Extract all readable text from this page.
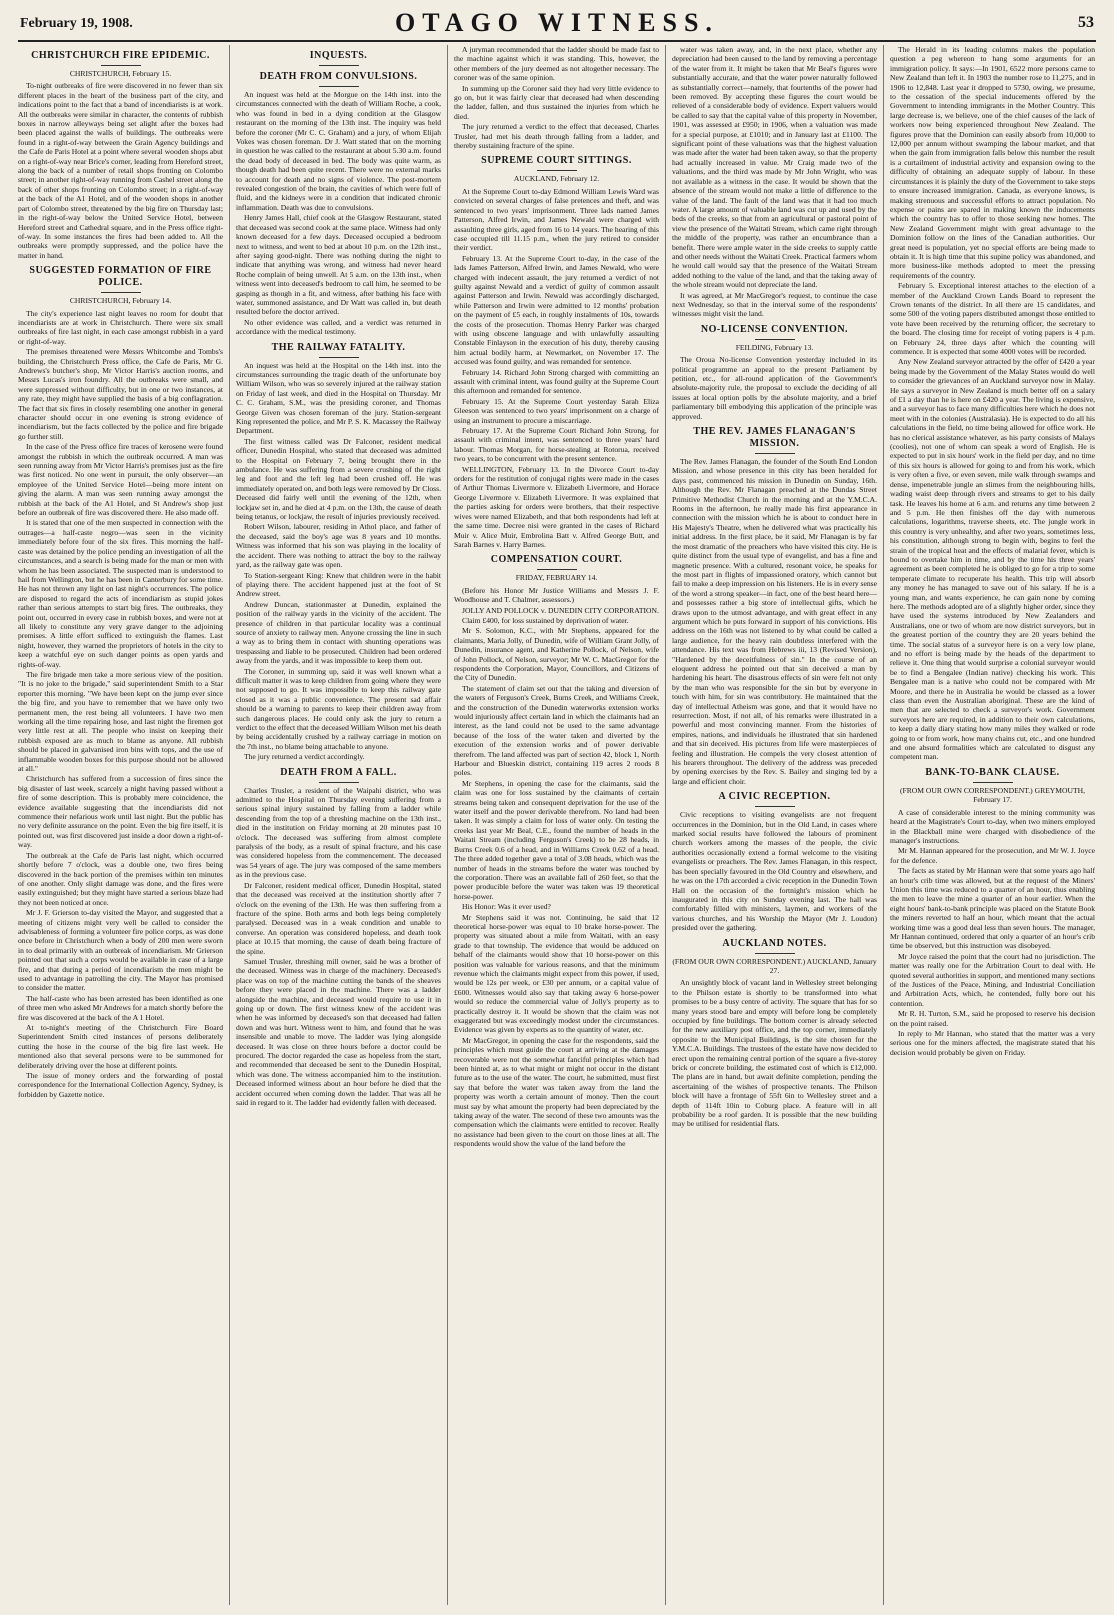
February 19, 1908.	OTAGO WITNESS.	53
CHRISTCHURCH FIRE EPIDEMIC.
CHRISTCHURCH, February 15.

To-night outbreaks of fire were discovered in no fewer than six different places in the heart of the business part of the city, and indications point to the fact that a band of incendiarists is at work. All the outbreaks were similar in character, the contents of rubbish boxes in narrow alleyways being set alight after the boxes had been placed against the walls of buildings. The outbreaks were found in a right-of-way between the Grain Agency buildings and the Cafe de Paris Hotel at a point where several wooden shops abut on a right-of-way near Brice's corner, leading from Hereford street, along the back of a number of retail shops fronting on Colombo street; in another right-of-way running from Cashel street along the back of other shops fronting on Colombo street; in a right-of-way at the back of the A1 Hotel, and of the wooden shops in another part of Colombo street, threatened by the big fire on Thursday last; in the right-of-way below the United Service Hotel, between Hereford street and Cathedral square, and in the Press office right-of-way. In some instances the fires had been added to. All the outbreaks were promptly suppressed, and the police have the matter in hand.

SUGGESTED FORMATION OF FIRE POLICE.
CHRISTCHURCH, February 14.

The city's experience last night leaves no room for doubt that incendiarists are at work in Christchurch. There were six small outbreaks of fire last night, in each case amongst rubbish in a yard or right-of-way.

The premises threatened were Messrs Whitcombe and Tombs's building, the Christchurch Press office, the Cafe de Paris, Mr G. Andrews's butcher's shop, Mr Victor Harris's auction rooms, and Messrs Lucas's iron foundry. All the outbreaks were small, and were suppressed without difficulty, but in one or two instances, at any rate, they might have supplied the basis of a big conflagration. The fact that six fires in closely resembling one another in general character should occur in one evening is strong evidence of incendiarism, but the facts collected by the police and fire brigade go further still.

In the case of the Press office fire traces of kerosene were found amongst the rubbish in which the outbreak occurred. A man was seen running away from Mr Victor Harris's premises just as the fire was first noticed. No one went in pursuit, the only observer—an employee of the United Service Hotel—being more intent on giving the alarm. A man was seen running away amongst the rubbish at the back of the A1 Hotel, and St Andrew's shop just before an outbreak of fire was discovered there. He also made off.

It is stated that one of the men suspected in connection with the outrages—a half-caste negro—was seen in the vicinity immediately before four of the six fires. This morning the half-caste was detained by the police pending an investigation of all the circumstances, and a search is being made for the man or men with whom he has been associated. The suspected man is understood to hail from Wellington, but he has been in Canterbury for some time. He has not thrown any light on last night's occurrences. The police are disposed to regard the acts of incendiarism as stupid jokes rather than serious attempts to start big fires. The outbreaks, they point out, occurred in every case in rubbish boxes, and were not at all likely to constitute any very grave danger to the adjoining premises. A little effort sufficed to extinguish the flames. Last night, however, they warned the proprietors of hotels in the city to keep a watchful eye on such danger points as open yards and rights-of-way.

The fire brigade men take a more serious view of the position. "It is no joke to the brigade," said superintendent Smith to a Star reporter this morning. "We have been kept on the jump ever since the big fire, and you have to remember that we have only two permanent men, the rest being all volunteers. I have two men working all the time repairing hose, and last night the firemen got very little rest at all. The people who insist on keeping their rubbish exposed are as much to blame as anyone. All rubbish should be placed in galvanised iron bins with tops, and the use of inflammable wooden boxes for this purpose should not be allowed at all."

Christchurch has suffered from a succession of fires since the big disaster of last week, scarcely a night having passed without a fire of some description. This is probably mere coincidence, the evidence available suggesting that the incendiarists did not commence their nefarious work until last night. But the public has no very definite assurance on the point. Even the big fire itself, it is pointed out, was first discovered just inside a door down a right-of-way.

The outbreak at the Cafe de Paris last night, which occurred shortly before 7 o'clock, was a double one, two fires being discovered in the back portion of the premises within ten minutes of one another. Only slight damage was done, and the fires were easily extinguished; but they might have started a serious blaze had they not been noticed at once.

Mr J. F. Grierson to-day visited the Mayor, and suggested that a meeting of citizens might very well be called to consider the advisableness of forming a volunteer fire police corps, as was done once before in Christchurch when a body of 200 men were sworn in to deal primarily with an outbreak of incendiarism. Mr Grierson pointed out that such a corps would be available in case of a large fire, and that during a period of incendiarism the men might be used to advantage in patrolling the city. The Mayor has promised to consider the matter.

The half-caste who has been arrested has been identified as one of three men who asked Mr Andrews for a match shortly before the fire was discovered at the back of the A 1 Hotel.

At to-night's meeting of the Christchurch Fire Board Superintendent Smith cited instances of persons deliberately cutting the hose in the course of the big fire last week. He mentioned also that several persons were to be summoned for deliberately driving over the hose at different points.

The issue of money orders and the forwarding of postal correspondence for the International Collection Agency, Sydney, is forbidden by Gazette notice.

INQUESTS.
DEATH FROM CONVULSIONS.

An inquest was held at the Morgue on the 14th inst. into the circumstances connected with the death of William Roche, a cook, who was found in bed in a dying condition at the Glasgow restaurant on the morning of the 13th inst. The inquiry was held before the coroner (Mr C. C. Graham) and a jury, of whom Elijah Vokes was chosen foreman. Dr J. Watt stated that on the morning in question he was called to the restaurant at about 5.30 a.m. found the dead body of deceased in bed. The body was quite warm, as though death had been quite recent. There were no external marks to account for death and no signs of violence. The post-mortem revealed congestion of the brain, the cavities of which were full of fluid, and the kidneys were in a condition that indicated chronic inflammation. Death was due to convulsions.

Henry James Hall, chief cook at the Glasgow Restaurant, stated that deceased was second cook at the same place. Witness had only known deceased for a few days. Deceased occupied a bedroom next to witness, and went to bed at about 10 p.m. on the 12th inst., after saying good-night. There was nothing during the night to indicate that anything was wrong, and witness had never heard Roche complain of being unwell. At 5 a.m. on the 13th inst., when witness went into deceased's bedroom to call him, he seemed to be gasping as though in a fit, and witness, after bathing his face with water, summoned assistance, and Dr Watt was called in, but death resulted before the doctor arrived.

No other evidence was called, and a verdict was returned in accordance with the medical testimony.

THE RAILWAY FATALITY.

An inquest was held at the Hospital on the 14th inst. into the circumstances surrounding the tragic death of the unfortunate boy William Wilson, who was so severely injured at the railway station on Friday of last week, and died in the Hospital on Thursday. Mr C. C. Graham, S.M., was the presiding coroner, and Thomas George Given was chosen foreman of the jury. Station-sergeant King represented the police, and Mr P. S. K. Macassey the Railway Department.

The first witness called was Dr Falconer, resident medical officer, Dunedin Hospital, who stated that deceased was admitted to the Hospital on February 7, being brought there in the ambulance. He was suffering from a severe crushing of the right leg and foot and the left leg had been crushed off. He was immediately operated on, and both legs were removed by Dr Closs. Deceased did fairly well until the evening of the 12th, when lockjaw set in, and he died at 4 p.m. on the 13th, the cause of death being tetanus, or lockjaw, the result of injuries previously received.

Robert Wilson, labourer, residing in Athol place, and father of the deceased, said the boy's age was 8 years and 10 months. Witness was informed that his son was playing in the locality of the accident. There was nothing to attract the boy to the railway yard, as the railway gate was open.

To Station-sergeant King: Knew that children were in the habit of playing there. The accident happened just at the foot of St Andrew street.

Andrew Duncan, stationmaster at Dunedin, explained the position of the railway yards in the vicinity of the accident. The presence of children in that particular locality was a continual source of anxiety to railway men. Anyone crossing the line in such a way as to bring them in contact with shunting operations was trespassing and liable to be prosecuted. Children had been ordered away from the yards, and it was impossible to keep them out.

The Coroner, in summing up, said it was well known what a difficult matter it was to keep children from going where they were not supposed to go. It was impossible to keep this railway gate closed as it was a public convenience. The present sad affair should be a warning to parents to keep their children away from such dangerous places. He could only ask the jury to return a verdict to the effect that the deceased William Wilson met his death by being accidentally crushed by a railway carriage in motion on the 7th inst., no blame being attachable to anyone.

The jury returned a verdict accordingly.

DEATH FROM A FALL.

Charles Trusler, a resident of the Waipahi district, who was admitted to the Hospital on Thursday evening suffering from a serious spinal injury sustained by falling from a ladder while descending from the top of a threshing machine on the 13th inst., died in the institution on Friday morning at 20 minutes past 10 o'clock. The deceased was suffering from almost complete paralysis of the body, as a result of spinal fracture, and his case was considered hopeless from the commencement. The deceased was 54 years of age. The jury was composed of the same members as in the previous case.

Dr Falconer, resident medical officer, Dunedin Hospital, stated that the deceased was received at the institution shortly after 7 o'clock on the evening of the 13th. He was then suffering from a fracture of the spine. Both arms and both legs being completely paralysed. Deceased was in a weak condition and unable to converse. An operation was considered hopeless, and death took place at 10.15 that morning, the cause of death being fracture of the spine.

Samuel Trusler, threshing mill owner, said he was a brother of the deceased. Witness was in charge of the machinery. Deceased's place was on top of the machine cutting the bands of the sheaves before they were placed in the machine. There was a ladder alongside the machine, and deceased would require to use it in going up or down. The first witness knew of the accident was when he was informed by deceased's son that deceased had fallen down and was hurt. Witness went to him, and found that he was insensible and unable to move. The ladder was lying alongside deceased. It was close on three hours before a doctor could be procured. The doctor regarded the case as hopeless from the start, and recommended that deceased be sent to the Dunedin Hospital, which was done. The witness accompanied him to the institution. Deceased informed witness about an hour before he died that the accident occurred when coming down the ladder. That was all he said in regard to it. The ladder had evidently fallen with deceased.

A juryman recommended that the ladder should be made fast to the machine against which it was standing. This, however, the other members of the jury deemed as not altogether necessary. The coroner was of the same opinion.

In summing up the Coroner said they had very little evidence to go on, but it was fairly clear that deceased had when descending the ladder, fallen, and thus sustained the injuries from which he died.

The jury returned a verdict to the effect that deceased, Charles Trusler, had met his death through falling from a ladder, and thereby sustaining fracture of the spine.

SUPREME COURT SITTINGS.
AUCKLAND, February 12.

At the Supreme Court to-day Edmond William Lewis Ward was convicted on several charges of false pretences and theft, and was sentenced to two years' imprisonment. Three lads named James Patterson, Alfred Irwin, and James Newald were charged with assaulting three girls, aged from 16 to 14 years. The hearing of this case occupied till 11.15 p.m., when the jury retired to consider their verdict.

February 13. At the Supreme Court to-day, in the case of the lads James Patterson, Alfred Irwin, and James Newald, who were charged with indecent assault, the jury returned a verdict of not guilty against Newald and a verdict of guilty of common assault against Patterson and Irwin. Newald was accordingly discharged, while Patterson and Irwin were admitted to 12 months' probation on the payment of £5 each, in roughly instalments of 10s, towards the costs of the prosecution. Thomas Henry Parker was charged with using obscene language and with unlawfully assaulting Constable Finlayson in the execution of his duty, thereby causing him actual bodily harm, at Newmarket, on November 17. The accused was found guilty, and was remanded for sentence.

February 14. Richard John Strong charged with committing an assault with criminal intent, was found guilty at the Supreme Court this afternoon and remanded for sentence.

February 15. At the Supreme Court yesterday Sarah Eliza Gleeson was sentenced to two years' imprisonment on a charge of using an instrument to procure a miscarriage.

February 17. At the Supreme Court Richard John Strong, for assault with criminal intent, was sentenced to three years' hard labour. Thomas Morgan, for horse-stealing at Rotorua, received two years, to be concurrent with the present sentence.

WELLINGTON, February 13. In the Divorce Court to-day orders for the restitution of conjugal rights were made in the cases of Arthur Thomas Livermore v. Elizabeth Livermore, and Horace George Livermore v. Elizabeth Livermore. It was explained that the parties asking for orders were brothers, that their respective wives were named Elizabeth, and that both respondents had left at the same time. Decree nisi were granted in the cases of Richard Muir v. Alice Muir, Embrolina Batt v. Alfred George Butt, and Sarah Barnes v. Harry Barnes.

COMPENSATION COURT.
FRIDAY, FEBRUARY 14.

(Before his Honor Mr Justice Williams and Messrs J. F. Woodhouse and T. Chalmer, assessors.)

JOLLY AND POLLOCK v. DUNEDIN CITY CORPORATION.

Claim £400, for loss sustained by deprivation of water.

Mr S. Solomon, K.C., with Mr Stephens, appeared for the claimants, Maria Jolly, of Dunedin, wife of William Grant Jolly, of Dunedin, insurance agent, and Katherine Pollock, of Nelson, wife of John Pollock, of Nelson, surveyor; Mr W. C. MacGregor for the respondents the Corporation, Mayor, Councillors, and Citizens of the City of Dunedin.

The statement of claim set out that the taking and diversion of the waters of Ferguson's Creek, Burns Creek, and Williams Creek, and the construction of the Dunedin waterworks extension works would injuriously affect certain land in which the claimants had an interest, as the land could not be used to the same advantage because of the loss of the water taken and diverted by the execution of the extension works and of power derivable therefrom. The land affected was part of section 42, block 1, North Harbour and Blueskin district, containing 119 acres 2 roods 8 poles.

Mr Stephens, in opening the case for the claimants, said the claim was one for loss sustained by the claimants of certain streams being taken and consequent deprivation for the use of the water itself and the power derivable therefrom. No land had been taken. It was simply a claim for loss of water only. On testing the creeks last year Mr Beal, C.E., found the number of heads in the Waitati Stream (including Ferguson's Creek) to be 28 heads, in Burns Creek 0.6 of a head, and in Williams Creek 0.62 of a head. The three added together gave a total of 3.08 heads, which was the number of heads in the streams before the water was touched by the corporation. There was an available fall of 260 feet, so that the power producible before the water was taken was 19 theoretical horse-power.

His Honor: Was it ever used?

Mr Stephens said it was not. Continuing, he said that 12 theoretical horse-power was equal to 10 brake horse-power. The property was situated about a mile from Waitati, with an easy grade to that township. The evidence that would be adduced on behalf of the claimants would show that 10 horse-power on this position was valuable for various reasons, and that the minimum revenue which the claimants might expect from this power, if used, would be 12s per week, or £30 per annum, or a capital value of £600. Witnesses would also say that taking away 6 horse-power would so reduce the commercial value of Jolly's property as to practically destroy it. It would be shown that the claim was not exaggerated but was exceedingly modest under the circumstances. Evidence was given by experts as to the quantity of water, etc.

Mr MacGregor, in opening the case for the respondents, said the principles which must guide the court at arriving at the damages recoverable were not the somewhat fanciful principles which had been hinted at, as to what might or might not occur in the distant future as to the use of the water. The court, he submitted, must first say that before the water was taken away from the land the property was worth a certain amount of money. Then the court must say by what amount the property had been depreciated by the taking away of the water. The second of these two amounts was the compensation which the claimants were entitled to recover. Really no assistance had been given to the court on those lines at all. The respondents would show the value of the land before the

water was taken away, and, in the next place, whether any depreciation had been caused to the land by removing a percentage of the water from it. It might be taken that Mr Beal's figures were substantially accurate, and that the water power naturally followed as substantially correct—namely, that fourtenths of the power had been removed. By accepting these figures the court would be relieved of a considerable body of evidence. Expert valuers would be called to say that the capital value of this property in November, 1901, was assessed at £950; in 1906, when a valuation was made for a special purpose, at £1010; and in January last at £1100. The significant point of these valuations was that the highest valuation was made after the water had been taken away, so that the property had actually increased in value. Mr Craig made two of the valuations, and the third was made by Mr John Wright, who was not available as a witness in the case. It would be shown that the absence of the stream would not make a little of difference to the value of the land. The fault of the land was that it had too much water. A large amount of valuable land was cut up and used by the beds of the creeks, so that from an agricultural or pastoral point of view the presence of the Waitati Stream, which came right through the middle of the property, was rather an encumbrance than a benefit. There were ample water in the side creeks to supply cattle and other needs without the Waitati Creek. Practical farmers whom he would call would say that the presence of the Waitati Stream added nothing to the value of the land, and that the taking away of the whole stream would not depreciate the land.

It was agreed, at Mr MacGregor's request, to continue the case next Wednesday, so that in the interval some of the respondents' witnesses might visit the land.

NO-LICENSE CONVENTION.
FEILDING, February 13.

The Oroua No-license Convention yesterday included in its political programme an appeal to the present Parliament by petition, etc., for all-round application of the Government's absolute-majority rule, the proposal to exclude the deciding of all issues at local option polls by the absolute majority, and a brief parliamentary bill embodying this application of the principle was approved.

THE REV. JAMES FLANAGAN'S MISSION.

The Rev. James Flanagan, the founder of the South End London Mission, and whose presence in this city has been heralded for days past, commenced his mission in Dunedin on Sunday, 16th. Although the Rev. Mr Flanagan preached at the Dundas Street Primitive Methodist Church in the morning and at the Y.M.C.A. Rooms in the afternoon, he really made his first appearance in connection with the mission which he is about to conduct here in His Majesty's Theatre, when he delivered what was practically his initial address. In the first place, be it said, Mr Flanagan is by far the most dramatic of the preachers who have visited this city. He is quite distinct from the usual type of evangelist, and has a fine and magnetic presence. With a cultured, resonant voice, he speaks for the most part in flights of impassioned oratory, which cannot but fail to make a deep impression on his listeners. He is in every sense of the word a strong speaker—in fact, one of the best heard here—and possesses rather a big store of intellectual gifts, which he draws upon to the utmost advantage, and with great effect in any argument which he puts forward in support of his convictions. His address on the 16th was not listened to by what could be called a large audience, for the heavy rain doubtless interfered with the attendance. His text was from Hebrews iii, 13 (Revised Version), "Hardened by the deceitfulness of sin." In the course of an eloquent address he pointed out that sin deceived a man by hardening his heart. The disastrous effects of sin were felt not only by the man who was responsible for the sin but by everyone in touch with him, for sin was contributory. He maintained that the day of intellectual Atheism was gone, and that it would have no resurrection. Most, if not all, of his remarks were illustrated in a powerful and most convincing manner. From the histories of empires, nations, and individuals he illustrated that sin hardened and that sin deceived. His pictures from life were masterpieces of feeling and illustration. He compels the very closest attention of his hearers throughout. The delivery of the address was preceded by opening exercises by the Rev. S. Bailey and singing led by a large and efficient choir.

A CIVIC RECEPTION.

Civic receptions to visiting evangelists are not frequent occurrences in the Dominion, but in the Old Land, in cases where marked social results have followed the labours of prominent church workers among the masses of the people, the civic authorities occasionally extend a formal welcome to the visiting evangelists or preachers. The Rev. James Flanagan, in this respect, has been specially favoured in the Old Country and elsewhere, and he was on the 17th accorded a civic reception in the Dunedin Town Hall on the occasion of the fortnight's mission which he inaugurated in this city on Sunday evening last. The hall was comfortably filled with ministers, laymen, and workers of the various churches, and his Worship the Mayor (Mr J. Loudon) presided over the gathering.

AUCKLAND NOTES.
(FROM OUR OWN CORRESPONDENT.) AUCKLAND, January 27.

An unsightly block of vacant land in Wellesley street belonging to the Philson estate is shortly to be transformed into what promises to be a busy centre of activity. The square that has for so many years stood bare and empty will before long be completely occupied by fine buildings. The bottom corner is already selected for the new auxiliary post office, and the top corner, immediately opposite to the Municipal Buildings, is the site chosen for the Y.M.C.A. Buildings. The trustees of the estate have now decided to erect upon the remaining central portion of the square a five-storey brick or concrete building, the estimated cost of which is £12,000. The plans are in hand, but await definite completion, pending the ascertaining of the wishes of prospective tenants. The Philson block will have a frontage of 55ft 6in to Wellesley street and a depth of 114ft 10in to Coburg place. A feature will in all probability be a roof garden. It is possible that the new building may be utilised for residential flats.

The Herald in its leading columns makes the population question a peg whereon to hang some arguments for an immigration policy. It says:—In 1901, 6522 more persons came to New Zealand than left it. In 1903 the number rose to 11,275, and in 1906 to 12,848. Last year it dropped to 5730, owing, we presume, to the cessation of the special inducements offered by the Government to intending immigrants in the Mother Country. This large decrease is, we believe, one of the chief causes of the lack of workers now being experienced throughout New Zealand. The figures prove that the Dominion can easily absorb from 10,000 to 12,000 per annum without swamping the labour market, and that when the gain from immigration falls below this number the result is a curtailment of industrial activity and expansion owing to the difficulty of obtaining an adequate supply of labour. In these circumstances it is plainly the duty of the Government to take steps to ensure increased immigration. Canada, as everyone knows, is making strenuous and successful efforts to attract population. No expense or pains are spared in making known the inducements which the country has to offer to those seeking new homes. The New Zealand Government might with great advantage to the Dominion follow on the lines of the Canadian authorities. Our great need is population, yet no special efforts are being made to obtain it. It is high time that this supine policy was abandoned, and more business-like methods adopted to meet the pressing requirements of the country.

February 5. Exceptional interest attaches to the election of a member of the Auckland Crown Lands Board to represent the Crown tenants of the district. In all there are 15 candidates, and some 500 of the voting papers distributed amongst those entitled to vote have been received by the returning officer, the secretary to the board. The closing time for receipt of voting papers is 4 p.m. on February 24, three days after which the counting will commence. It is expected that some 4000 votes will be recorded.

Any New Zealand surveyor attracted by the offer of £420 a year being made by the Government of the Malay States would do well to consider the grievances of an Auckland surveyor now in Malay. He says a surveyor in New Zealand is much better off on a salary of £1 a day than he is here on £420 a year. The living is expensive, and a surveyor has to face many difficulties here which he does not meet with in the colonies (Australasia). He is expected to do all his calculations in the field, no time being allowed for office work. He has no clerical assistance whatever, as his party consists of Malays (coolies), not one of whom can speak a word of English. He is expected to put in six hours' work in the field per day, and no time of this six hours is allowed for going to and from his work, which is very often a five, or even seven, mile walk through swamps and dense, impenetrable jungle an slimes from the neighbouring hills, wading waist deep through rivers and streams to get to his daily task. He leaves his home at 6 a.m. and returns any time between 2 and 5 p.m. He then finishes off the day with numerous calculations, logarithms, traverse sheets, etc. The jungle work in this country is very unhealthy, and after two years, sometimes less, his constitution, although strong to begin with, begins to feel the strain of the tropical heat and the effects of malarial fever, which is bound to overtake him in time, and by the time his three years' agreement as been completed he is obliged to go for a trip to some temperate climate to recuperate his health. This trip will absorb any money he has managed to save out of his salary. If he is a young man, and wants experience, he can gain none by coming here. The methods adopted are of a slightly higher order, since they have used the systems introduced by New Zealanders and Australians, one or two of whom are now district surveyors, but in the greatest portion of the country they are 20 years behind the time. The social status of a surveyor here is on a very low plane, and no effort is being made by the heads of the department to relieve it. One thing that would surprise a colonial surveyor would be to find a Bengalee (Indian native) checking his work. This Bengalee man is a native who could not be compared with Mr Moore, and there he in Australia he would be classed as a lower class than even the Australian aboriginal. These are the kind of men that are selected to check a surveyor's work. Government surveyors here are required, in addition to their own calculations, to keep a daily diary stating how many miles they walked or rode going to or from work, how many chains cut, etc., and one hundred and one absurd formalities which are calculated to disgust any competent man.

BANK-TO-BANK CLAUSE.
(FROM OUR OWN CORRESPONDENT.) GREYMOUTH, February 17.

A case of considerable interest to the mining community was heard at the Magistrate's Court to-day, when two miners employed in the Blackball mine were charged with disobedience of the manager's instructions.

Mr M. Hannan appeared for the prosecution, and Mr W. J. Joyce for the defence.

The facts as stated by Mr Hannan were that some years ago half an hour's crib time was allowed, but at the request of the Miners' Union this time was reduced to a quarter of an hour, thus enabling the men to leave the mine a quarter of an hour earlier. When the eight hours' bank-to-bank principle was placed on the Statute Book the miners reverted to half an hour, which meant that the actual working time was a good deal less than seven hours. The manager, Mr Hannan continued, ordered that only a quarter of an hour's crib time be observed, but this instruction was disobeyed.

Mr Joyce raised the point that the court had no jurisdiction. The matter was really one for the Arbitration Court to deal with. He quoted several authorities in support, and mentioned many sections of the Justices of the Peace, Mining, and Industrial Conciliation and Arbitration Acts, which, he contended, fully bore out his contention.

Mr R. H. Turton, S.M., said he proposed to reserve his decision on the point raised.

In reply to Mr Hannan, who stated that the matter was a very serious one for the miners affected, the magistrate stated that his decision would probably be given on Friday.
